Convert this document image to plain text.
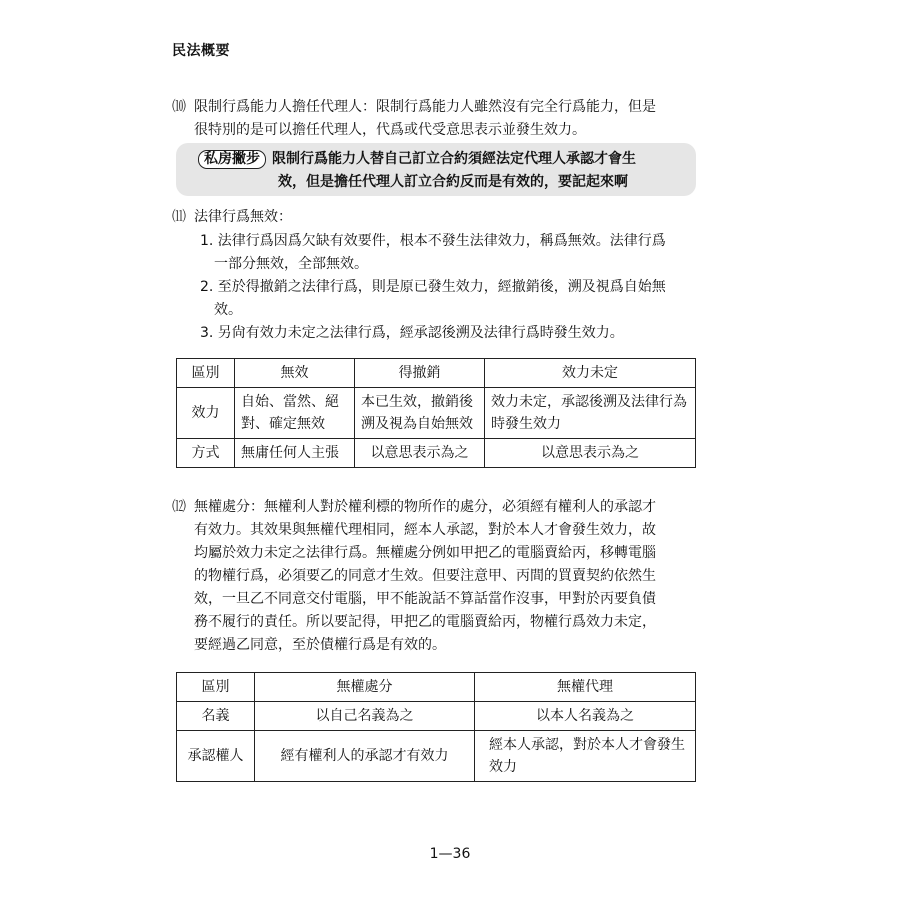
民法概要
⑽ 限制行爲能力人擔任代理人：限制行爲能力人雖然沒有完全行爲能力，但是
很特別的是可以擔任代理人，代爲或代受意思表示並發生效力。
私房撇步 限制行爲能力人替自己訂立合約須經法定代理人承認才會生
效，但是擔任代理人訂立合約反而是有效的，要記起來啊
⑾ 法律行爲無效：
1. 法律行爲因爲欠缺有效要件，根本不發生法律效力，稱爲無效。法律行爲
一部分無效，全部無效。
2. 至於得撤銷之法律行爲，則是原已發生效力，經撤銷後，溯及視爲自始無
效。
3. 另尙有效力未定之法律行爲，經承認後溯及法律行爲時發生效力。
區別	無效	得撤銷	效力未定
效力	自始、當然、絕對、確定無效	本已生效，撤銷後溯及視為自始無效	效力未定，承認後溯及法律行為時發生效力
方式	無庸任何人主張	以意思表示為之	以意思表示為之
⑿ 無權處分：無權利人對於權利標的物所作的處分，必須經有權利人的承認才
有效力。其效果與無權代理相同，經本人承認，對於本人才會發生效力，故
均屬於效力未定之法律行爲。無權處分例如甲把乙的電腦賣給丙，移轉電腦
的物權行爲，必須要乙的同意才生效。但要注意甲、丙間的買賣契約依然生
效，一旦乙不同意交付電腦，甲不能說話不算話當作沒事，甲對於丙要負債
務不履行的責任。所以要記得，甲把乙的電腦賣給丙，物權行爲效力未定，
要經過乙同意，至於債權行爲是有效的。
區別	無權處分	無權代理
名義	以自己名義為之	以本人名義為之
承認權人	經有權利人的承認才有效力	經本人承認，對於本人才會發生效力
1—36
